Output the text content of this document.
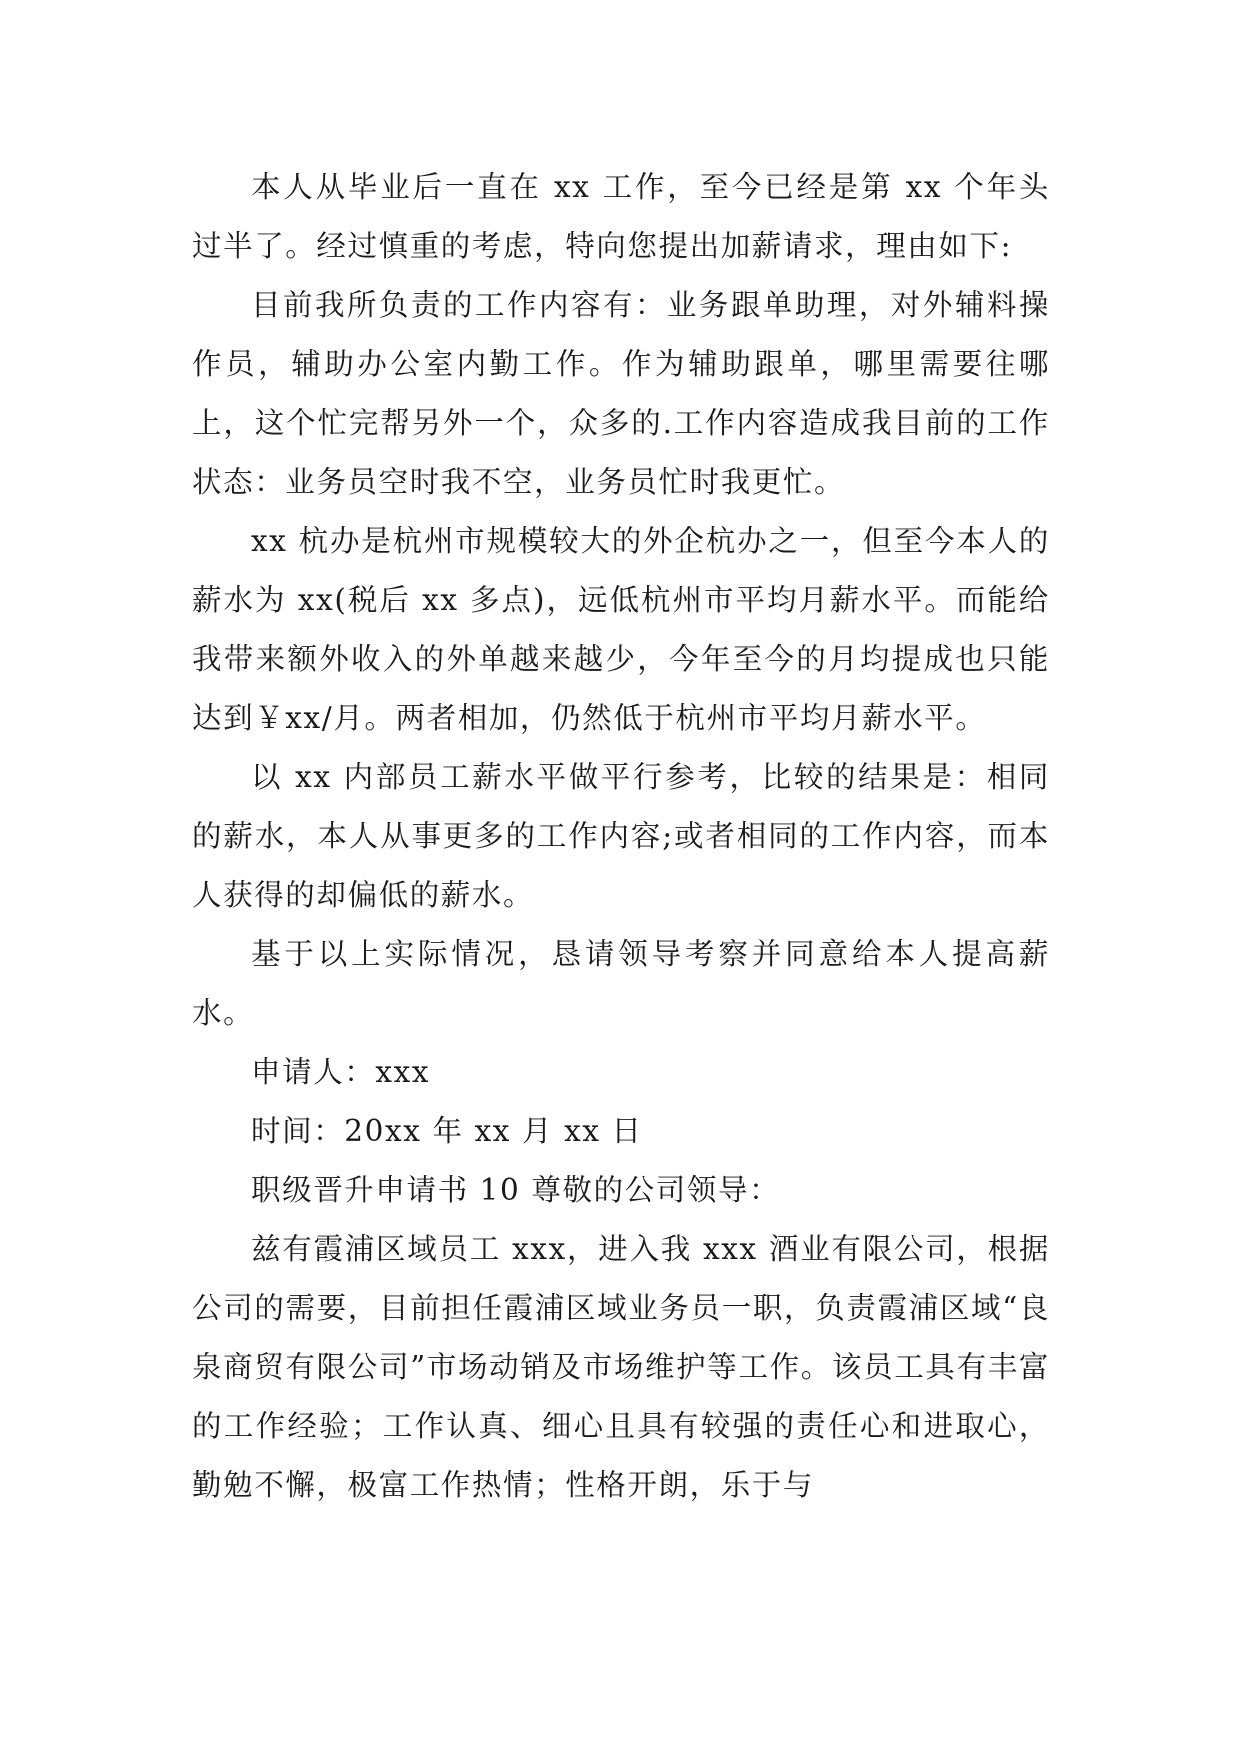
本人从毕业后一直在 xx 工作，至今已经是第 xx 个年头过半了。经过慎重的考虑，特向您提出加薪请求，理由如下:

目前我所负责的工作内容有：业务跟单助理，对外辅料操作员，辅助办公室内勤工作。作为辅助跟单，哪里需要往哪上，这个忙完帮另外一个，众多的.工作内容造成我目前的工作状态：业务员空时我不空，业务员忙时我更忙。

xx 杭办是杭州市规模较大的外企杭办之一，但至今本人的薪水为 xx(税后 xx 多点)，远低杭州市平均月薪水平。而能给我带来额外收入的外单越来越少，今年至今的月均提成也只能达到￥xx/月。两者相加，仍然低于杭州市平均月薪水平。

以 xx 内部员工薪水平做平行参考，比较的结果是：相同的薪水，本人从事更多的工作内容;或者相同的工作内容，而本人获得的却偏低的薪水。

基于以上实际情况，恳请领导考察并同意给本人提高薪水。

申请人：xxx

时间：20xx 年 xx 月 xx 日

职级晋升申请书 10 尊敬的公司领导：

兹有霞浦区域员工 xxx，进入我 xxx 酒业有限公司，根据公司的需要，目前担任霞浦区域业务员一职，负责霞浦区域“良泉商贸有限公司”市场动销及市场维护等工作。该员工具有丰富的工作经验；工作认真、细心且具有较强的责任心和进取心，勤勉不懈，极富工作热情；性格开朗，乐于与
